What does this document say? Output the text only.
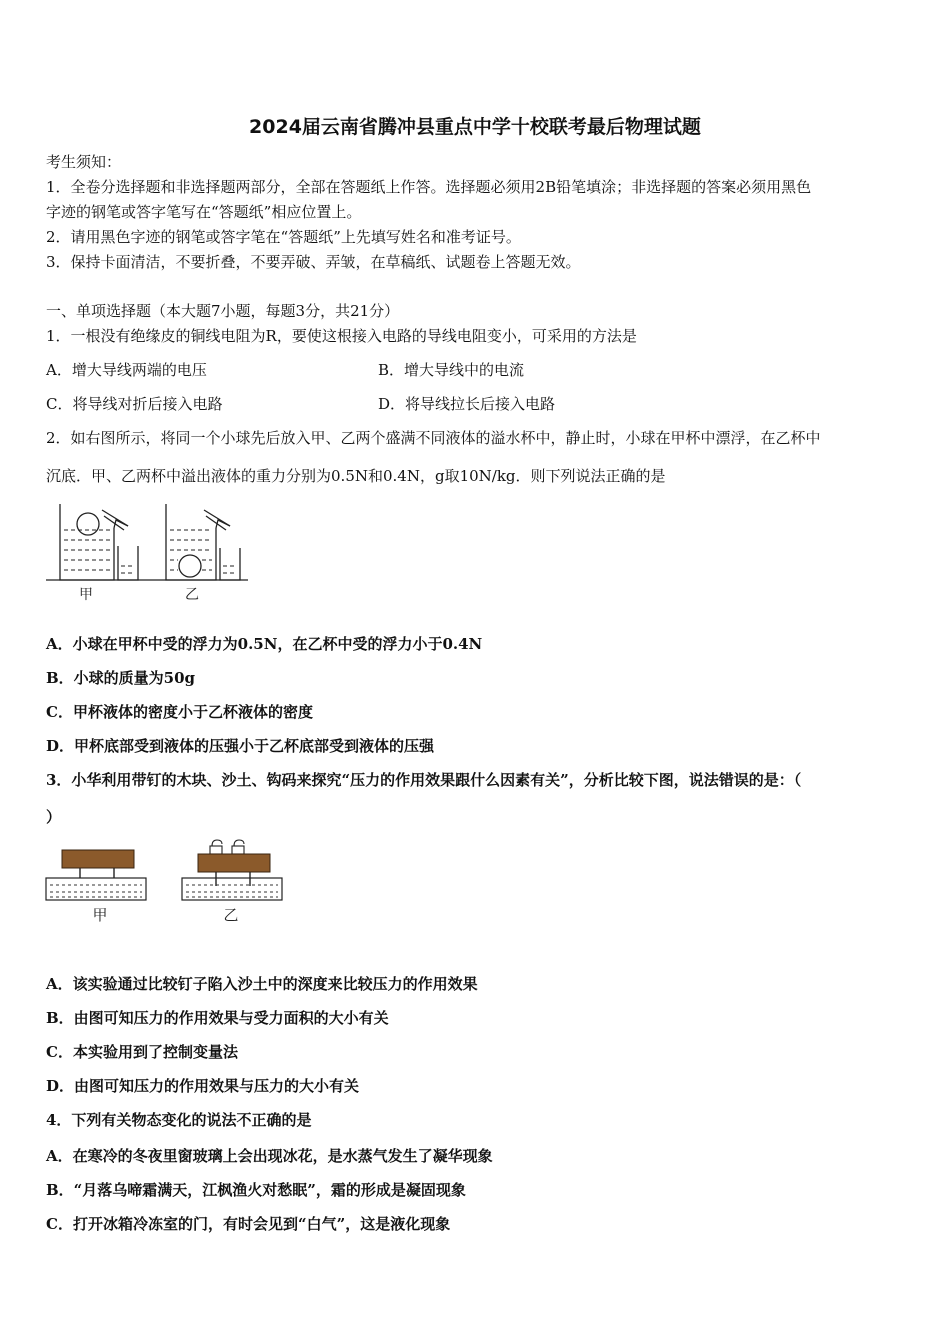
2024届云南省腾冲县重点中学十校联考最后物理试题
考生须知：
1．全卷分选择题和非选择题两部分，全部在答题纸上作答。选择题必须用2B铅笔填涂；非选择题的答案必须用黑色
字迹的钢笔或答字笔写在“答题纸”相应位置上。
2．请用黑色字迹的钢笔或答字笔在“答题纸”上先填写姓名和准考证号。
3．保持卡面清洁，不要折叠，不要弄破、弄皱，在草稿纸、试题卷上答题无效。
一、单项选择题（本大题7小题，每题3分，共21分）
1．一根没有绝缘皮的铜线电阻为R，要使这根接入电路的导线电阻变小，可采用的方法是
A．增大导线两端的电压	B．增大导线中的电流
C．将导线对折后接入电路	D．将导线拉长后接入电路
2．如右图所示，将同一个小球先后放入甲、乙两个盛满不同液体的溢水杯中，静止时，小球在甲杯中漂浮，在乙杯中
沉底．甲、乙两杯中溢出液体的重力分别为0.5N和0.4N，g取10N/kg．则下列说法正确的是
甲	乙
A．小球在甲杯中受的浮力为0.5N，在乙杯中受的浮力小于0.4N
B．小球的质量为50g
C．甲杯液体的密度小于乙杯液体的密度
D．甲杯底部受到液体的压强小于乙杯底部受到液体的压强
3．小华利用带钉的木块、沙土、钩码来探究“压力的作用效果跟什么因素有关”，分析比较下图，说法错误的是：（
）
甲	乙
A．该实验通过比较钉子陷入沙土中的深度来比较压力的作用效果
B．由图可知压力的作用效果与受力面积的大小有关
C．本实验用到了控制变量法
D．由图可知压力的作用效果与压力的大小有关
4．下列有关物态变化的说法不正确的是
A．在寒冷的冬夜里窗玻璃上会出现冰花，是水蒸气发生了凝华现象
B．“月落乌啼霜满天，江枫渔火对愁眠”，霜的形成是凝固现象
C．打开冰箱冷冻室的门，有时会见到“白气”，这是液化现象
